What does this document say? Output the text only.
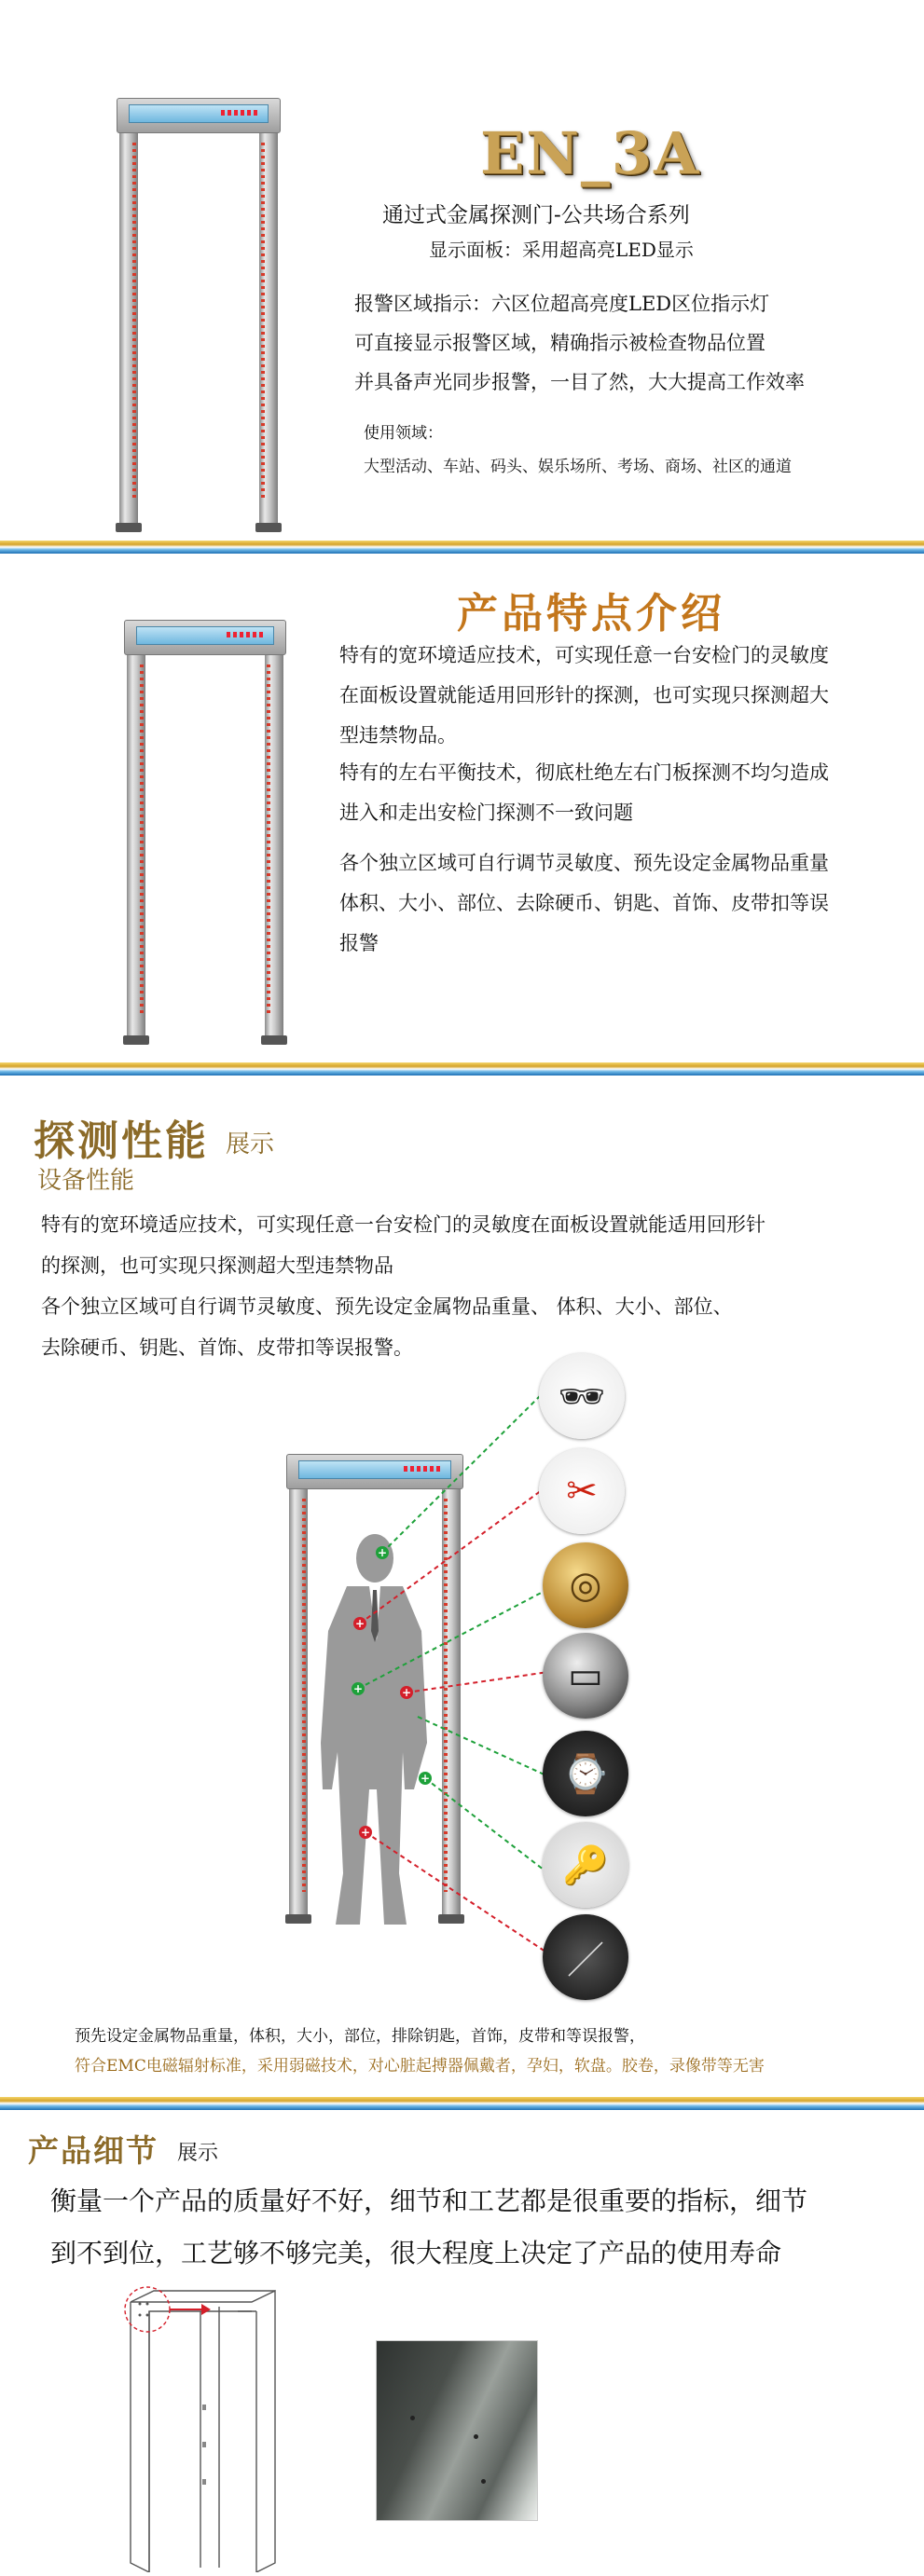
EN_3A
通过式金属探测门-公共场合系列
显示面板：采用超高亮LED显示
报警区域指示：六区位超高亮度LED区位指示灯
可直接显示报警区域，精确指示被检查物品位置
并具备声光同步报警，一目了然，大大提高工作效率
使用领域：
大型活动、车站、码头、娱乐场所、考场、商场、社区的通道
产品特点介绍
特有的宽环境适应技术，可实现任意一台安检门的灵敏度
在面板设置就能适用回形针的探测，也可实现只探测超大
型违禁物品。
特有的左右平衡技术，彻底杜绝左右门板探测不均匀造成
进入和走出安检门探测不一致问题
各个独立区域可自行调节灵敏度、预先设定金属物品重量
体积、大小、部位、去除硬币、钥匙、首饰、皮带扣等误
报警
探测性能 展示
设备性能
特有的宽环境适应技术，可实现任意一台安检门的灵敏度在面板设置就能适用回形针
的探测，也可实现只探测超大型违禁物品
各个独立区域可自行调节灵敏度、预先设定金属物品重量、 体积、大小、部位、
去除硬币、钥匙、首饰、皮带扣等误报警。
+
+
+	+
+
+
🕶
✂
◎
▭
⌚
🔑
／
预先设定金属物品重量，体积，大小，部位，排除钥匙，首饰，皮带和等误报警，
符合EMC电磁辐射标准，采用弱磁技术，对心脏起搏器佩戴者，孕妇，软盘。胶卷，录像带等无害
产品细节 展示
衡量一个产品的质量好不好，细节和工艺都是很重要的指标，细节
到不到位，工艺够不够完美，很大程度上决定了产品的使用寿命
